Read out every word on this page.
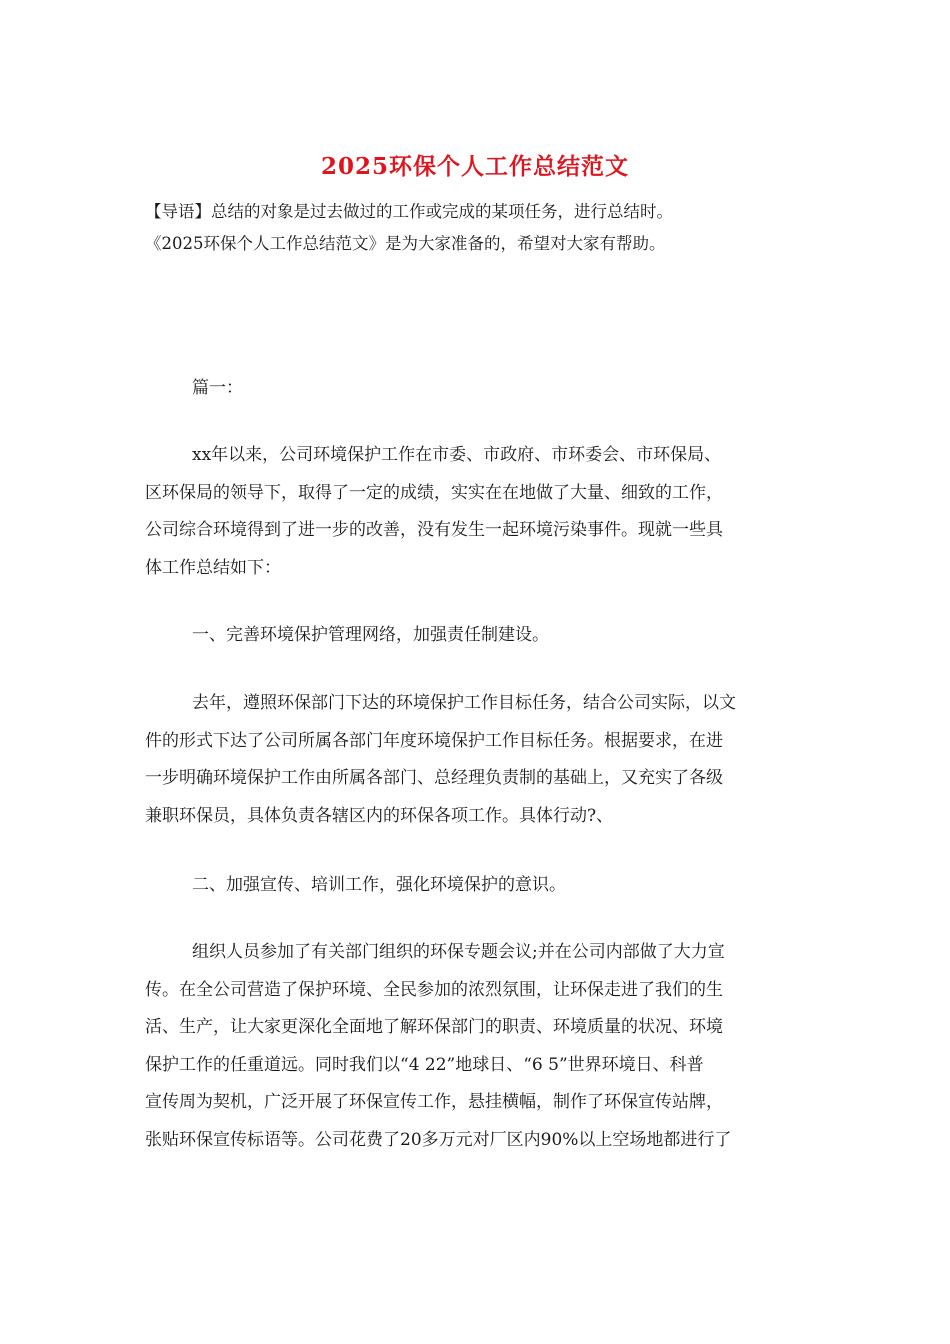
2025环保个人工作总结范文
【导语】总结的对象是过去做过的工作或完成的某项任务，进行总结时。
《2025环保个人工作总结范文》是为大家准备的，希望对大家有帮助。
篇一：
xx年以来，公司环境保护工作在市委、市政府、市环委会、市环保局、
区环保局的领导下，取得了一定的成绩，实实在在地做了大量、细致的工作，
公司综合环境得到了进一步的改善，没有发生一起环境污染事件。现就一些具
体工作总结如下：
一、完善环境保护管理网络，加强责任制建设。
去年，遵照环保部门下达的环境保护工作目标任务，结合公司实际，以文
件的形式下达了公司所属各部门年度环境保护工作目标任务。根据要求，在进
一步明确环境保护工作由所属各部门、总经理负责制的基础上，又充实了各级
兼职环保员，具体负责各辖区内的环保各项工作。具体行动?、
二、加强宣传、培训工作，强化环境保护的意识。
组织人员参加了有关部门组织的环保专题会议;并在公司内部做了大力宣
传。在全公司营造了保护环境、全民参加的浓烈氛围，让环保走进了我们的生
活、生产，让大家更深化全面地了解环保部门的职责、环境质量的状况、环境
保护工作的任重道远。同时我们以“4 22”地球日、“6 5”世界环境日、科普
宣传周为契机，广泛开展了环保宣传工作，悬挂横幅，制作了环保宣传站牌，
张贴环保宣传标语等。公司花费了20多万元对厂区内90%以上空场地都进行了
